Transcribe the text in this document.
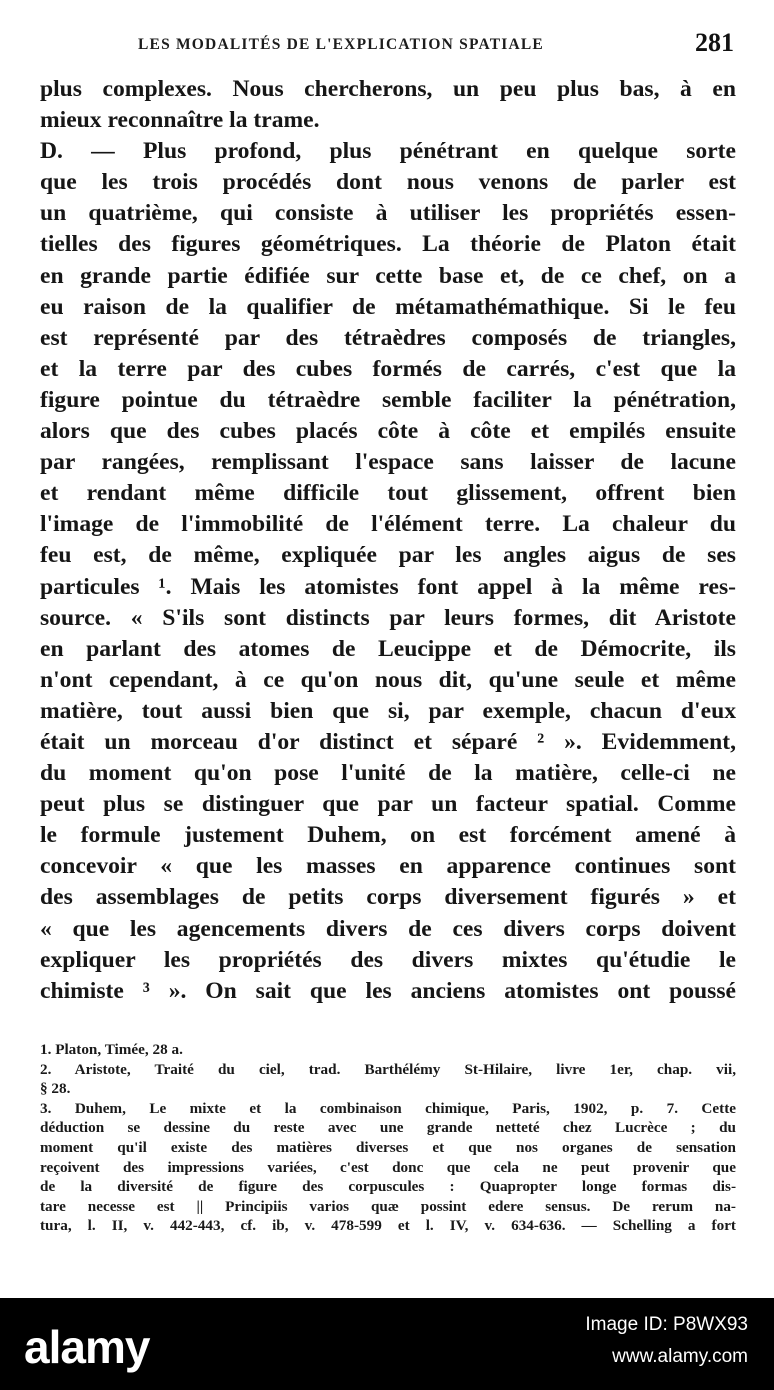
LES MODALITÉS DE L'EXPLICATION SPATIALE	281
plus complexes. Nous chercherons, un peu plus bas, à en
mieux reconnaître la trame.
D. — Plus profond, plus pénétrant en quelque sorte
que les trois procédés dont nous venons de parler est
un quatrième, qui consiste à utiliser les propriétés essen-
tielles des figures géométriques. La théorie de Platon était
en grande partie édifiée sur cette base et, de ce chef, on a
eu raison de la qualifier de métamathémathique. Si le feu
est représenté par des tétraèdres composés de triangles,
et la terre par des cubes formés de carrés, c'est que la
figure pointue du tétraèdre semble faciliter la pénétration,
alors que des cubes placés côte à côte et empilés ensuite
par rangées, remplissant l'espace sans laisser de lacune
et rendant même difficile tout glissement, offrent bien
l'image de l'immobilité de l'élément terre. La chaleur du
feu est, de même, expliquée par les angles aigus de ses
particules ¹. Mais les atomistes font appel à la même res-
source. « S'ils sont distincts par leurs formes, dit Aristote
en parlant des atomes de Leucippe et de Démocrite, ils
n'ont cependant, à ce qu'on nous dit, qu'une seule et même
matière, tout aussi bien que si, par exemple, chacun d'eux
était un morceau d'or distinct et séparé ² ». Evidemment,
du moment qu'on pose l'unité de la matière, celle-ci ne
peut plus se distinguer que par un facteur spatial. Comme
le formule justement Duhem, on est forcément amené à
concevoir « que les masses en apparence continues sont
des assemblages de petits corps diversement figurés » et
« que les agencements divers de ces divers corps doivent
expliquer les propriétés des divers mixtes qu'étudie le
chimiste ³ ». On sait que les anciens atomistes ont poussé
1. Platon, Timée, 28 a.
2. Aristote, Traité du ciel, trad. Barthélémy St-Hilaire, livre 1er, chap. vii,
§ 28.
3. Duhem, Le mixte et la combinaison chimique, Paris, 1902, p. 7. Cette
déduction se dessine du reste avec une grande netteté chez Lucrèce ; du
moment qu'il existe des matières diverses et que nos organes de sensation
reçoivent des impressions variées, c'est donc que cela ne peut provenir que
de la diversité de figure des corpuscules : Quapropter longe formas dis-
tare necesse est || Principiis varios quæ possint edere sensus. De rerum na-
tura, l. II, v. 442-443, cf. ib, v. 478-599 et l. IV, v. 634-636. — Schelling a fort
alamy	Image ID: P8WX93
www.alamy.com
